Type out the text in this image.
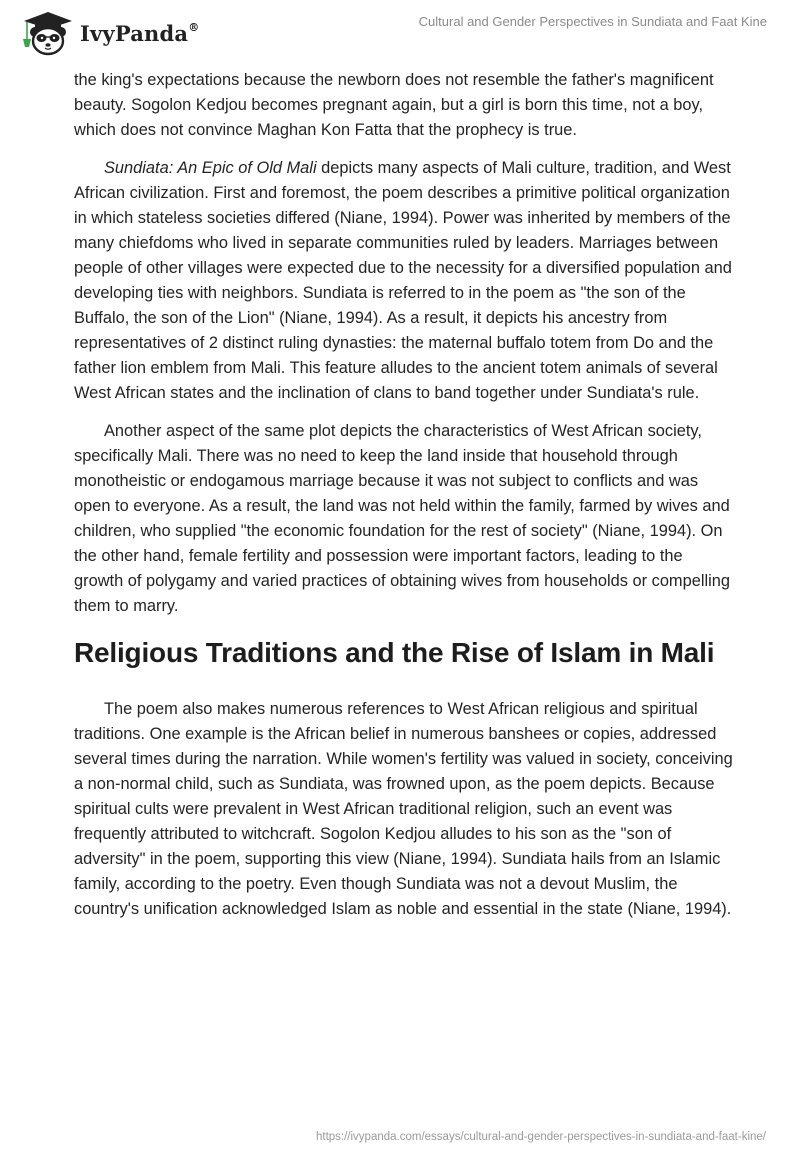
IvyPanda®	Cultural and Gender Perspectives in Sundiata and Faat Kine

the king's expectations because the newborn does not resemble the father's magnificent beauty. Sogolon Kedjou becomes pregnant again, but a girl is born this time, not a boy, which does not convince Maghan Kon Fatta that the prophecy is true.

Sundiata: An Epic of Old Mali depicts many aspects of Mali culture, tradition, and West African civilization. First and foremost, the poem describes a primitive political organization in which stateless societies differed (Niane, 1994). Power was inherited by members of the many chiefdoms who lived in separate communities ruled by leaders. Marriages between people of other villages were expected due to the necessity for a diversified population and developing ties with neighbors. Sundiata is referred to in the poem as "the son of the Buffalo, the son of the Lion" (Niane, 1994). As a result, it depicts his ancestry from representatives of 2 distinct ruling dynasties: the maternal buffalo totem from Do and the father lion emblem from Mali. This feature alludes to the ancient totem animals of several West African states and the inclination of clans to band together under Sundiata's rule.

Another aspect of the same plot depicts the characteristics of West African society, specifically Mali. There was no need to keep the land inside that household through monotheistic or endogamous marriage because it was not subject to conflicts and was open to everyone. As a result, the land was not held within the family, farmed by wives and children, who supplied "the economic foundation for the rest of society" (Niane, 1994). On the other hand, female fertility and possession were important factors, leading to the growth of polygamy and varied practices of obtaining wives from households or compelling them to marry.

Religious Traditions and the Rise of Islam in Mali

The poem also makes numerous references to West African religious and spiritual traditions. One example is the African belief in numerous banshees or copies, addressed several times during the narration. While women's fertility was valued in society, conceiving a non-normal child, such as Sundiata, was frowned upon, as the poem depicts. Because spiritual cults were prevalent in West African traditional religion, such an event was frequently attributed to witchcraft. Sogolon Kedjou alludes to his son as the "son of adversity" in the poem, supporting this view (Niane, 1994). Sundiata hails from an Islamic family, according to the poetry. Even though Sundiata was not a devout Muslim, the country's unification acknowledged Islam as noble and essential in the state (Niane, 1994).

https://ivypanda.com/essays/cultural-and-gender-perspectives-in-sundiata-and-faat-kine/
